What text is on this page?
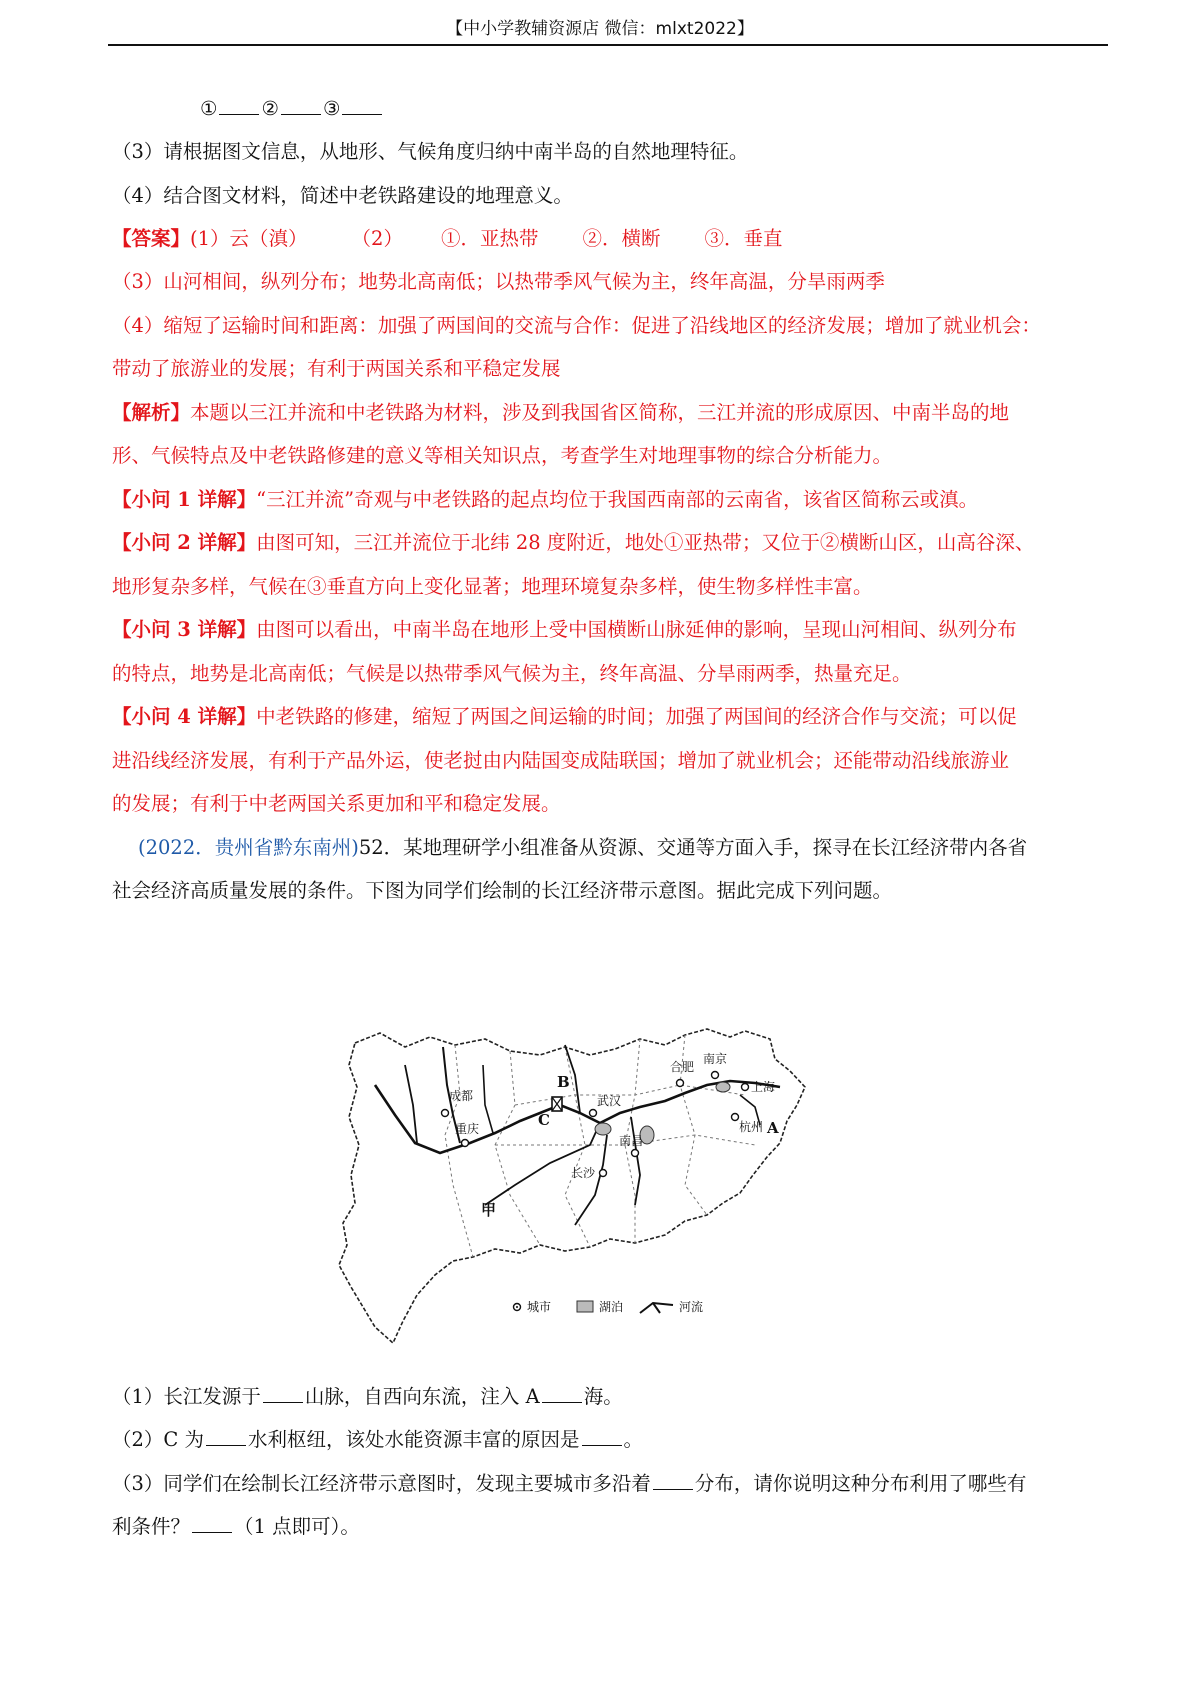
【中小学教辅资源店 微信：mlxt2022】
① ② ③
（3）请根据图文信息，从地形、气候角度归纳中南半岛的自然地理特征。
（4）结合图文材料，简述中老铁路建设的地理意义。
【答案】(1）云（滇） （2） ①．亚热带 ②．横断 ③．垂直
（3）山河相间，纵列分布；地势北高南低；以热带季风气候为主，终年高温，分旱雨两季
（4）缩短了运输时间和距离：加强了两国间的交流与合作：促进了沿线地区的经济发展；增加了就业机会：
带动了旅游业的发展；有利于两国关系和平稳定发展
【解析】本题以三江并流和中老铁路为材料，涉及到我国省区简称，三江并流的形成原因、中南半岛的地
形、气候特点及中老铁路修建的意义等相关知识点，考查学生对地理事物的综合分析能力。
【小问 1 详解】“三江并流”奇观与中老铁路的起点均位于我国西南部的云南省，该省区简称云或滇。
【小问 2 详解】由图可知，三江并流位于北纬 28 度附近，地处①亚热带；又位于②横断山区，山高谷深、
地形复杂多样，气候在③垂直方向上变化显著；地理环境复杂多样，使生物多样性丰富。
【小问 3 详解】由图可以看出，中南半岛在地形上受中国横断山脉延伸的影响，呈现山河相间、纵列分布
的特点，地势是北高南低；气候是以热带季风气候为主，终年高温、分旱雨两季，热量充足。
【小问 4 详解】中老铁路的修建，缩短了两国之间运输的时间；加强了两国间的经济合作与交流；可以促
进沿线经济发展，有利于产品外运，使老挝由内陆国变成陆联国；增加了就业机会；还能带动沿线旅游业
的发展；有利于中老两国关系更加和平和稳定发展。
(2022．贵州省黔东南州)52．某地理研学小组准备从资源、交通等方面入手，探寻在长江经济带内各省
社会经济高质量发展的条件。下图为同学们绘制的长江经济带示意图。据此完成下列问题。
成都
重庆
武汉
长沙
南昌
合肥
南京
上海
杭州 A
B
C
甲
城市	湖泊	河流
（1）长江发源于 山脉，自西向东流，注入 A 海。
（2）C 为 水利枢纽，该处水能资源丰富的原因是 。
（3）同学们在绘制长江经济带示意图时，发现主要城市多沿着 分布，请你说明这种分布利用了哪些有
利条件？ （1 点即可）。
